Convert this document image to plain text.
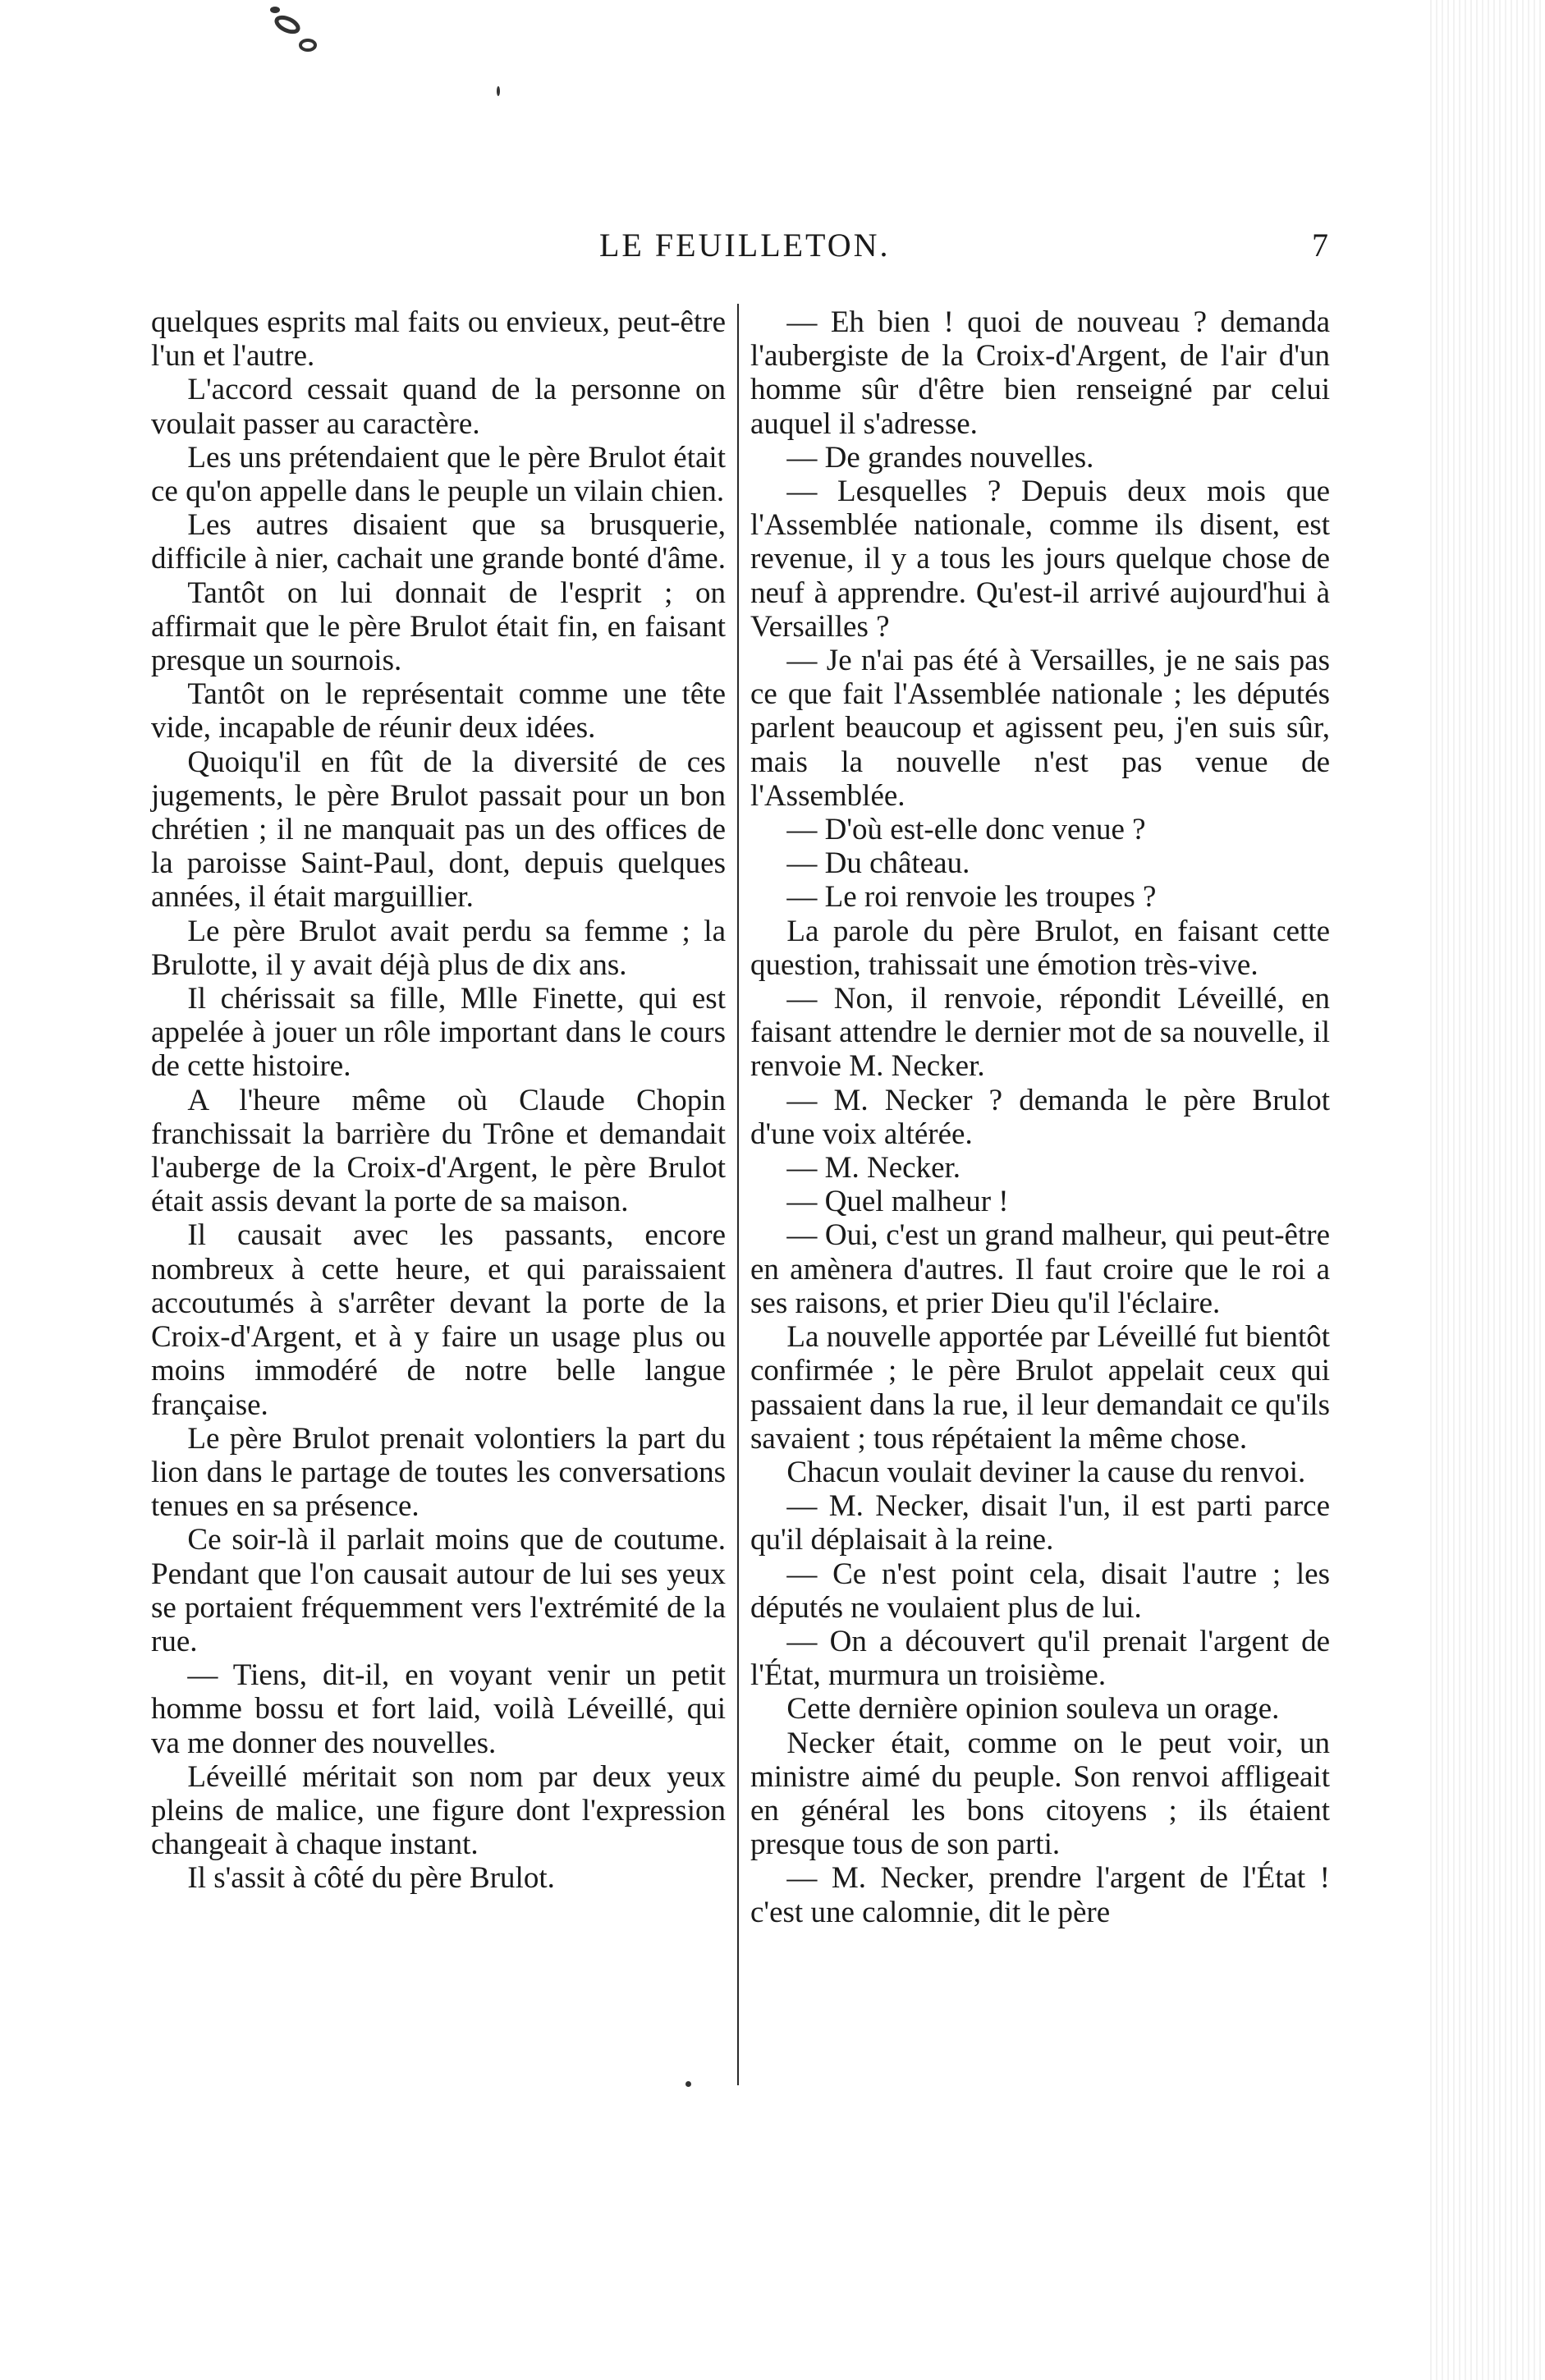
LE FEUILLETON.	7

quelques esprits mal faits ou envieux, peut-être l'un et l'autre.

L'accord cessait quand de la personne on voulait passer au caractère.

Les uns prétendaient que le père Brulot était ce qu'on appelle dans le peuple un vilain chien.

Les autres disaient que sa brusquerie, difficile à nier, cachait une grande bonté d'âme.

Tantôt on lui donnait de l'esprit ; on affirmait que le père Brulot était fin, en faisant presque un sournois.

Tantôt on le représentait comme une tête vide, incapable de réunir deux idées.

Quoiqu'il en fût de la diversité de ces jugements, le père Brulot passait pour un bon chrétien ; il ne manquait pas un des offices de la paroisse Saint-Paul, dont, depuis quelques années, il était marguillier.

Le père Brulot avait perdu sa femme ; la Brulotte, il y avait déjà plus de dix ans.

Il chérissait sa fille, Mlle Finette, qui est appelée à jouer un rôle important dans le cours de cette histoire.

A l'heure même où Claude Chopin franchissait la barrière du Trône et demandait l'auberge de la Croix-d'Argent, le père Brulot était assis devant la porte de sa maison.

Il causait avec les passants, encore nombreux à cette heure, et qui paraissaient accoutumés à s'arrêter devant la porte de la Croix-d'Argent, et à y faire un usage plus ou moins immodéré de notre belle langue française.

Le père Brulot prenait volontiers la part du lion dans le partage de toutes les conversations tenues en sa présence.

Ce soir-là il parlait moins que de coutume. Pendant que l'on causait autour de lui ses yeux se portaient fréquemment vers l'extrémité de la rue.

— Tiens, dit-il, en voyant venir un petit homme bossu et fort laid, voilà Léveillé, qui va me donner des nouvelles.

Léveillé méritait son nom par deux yeux pleins de malice, une figure dont l'expression changeait à chaque instant.

Il s'assit à côté du père Brulot.

— Eh bien ! quoi de nouveau ? demanda l'aubergiste de la Croix-d'Argent, de l'air d'un homme sûr d'être bien renseigné par celui auquel il s'adresse.

— De grandes nouvelles.

— Lesquelles ? Depuis deux mois que l'Assemblée nationale, comme ils disent, est revenue, il y a tous les jours quelque chose de neuf à apprendre. Qu'est-il arrivé aujourd'hui à Versailles ?

— Je n'ai pas été à Versailles, je ne sais pas ce que fait l'Assemblée nationale ; les députés parlent beaucoup et agissent peu, j'en suis sûr, mais la nouvelle n'est pas venue de l'Assemblée.

— D'où est-elle donc venue ?

— Du château.

— Le roi renvoie les troupes ?

La parole du père Brulot, en faisant cette question, trahissait une émotion très-vive.

— Non, il renvoie, répondit Léveillé, en faisant attendre le dernier mot de sa nouvelle, il renvoie M. Necker.

— M. Necker ? demanda le père Brulot d'une voix altérée.

— M. Necker.

— Quel malheur !

— Oui, c'est un grand malheur, qui peut-être en amènera d'autres. Il faut croire que le roi a ses raisons, et prier Dieu qu'il l'éclaire.

La nouvelle apportée par Léveillé fut bientôt confirmée ; le père Brulot appelait ceux qui passaient dans la rue, il leur demandait ce qu'ils savaient ; tous répétaient la même chose.

Chacun voulait deviner la cause du renvoi.

— M. Necker, disait l'un, il est parti parce qu'il déplaisait à la reine.

— Ce n'est point cela, disait l'autre ; les députés ne voulaient plus de lui.

— On a découvert qu'il prenait l'argent de l'État, murmura un troisième.

Cette dernière opinion souleva un orage.

Necker était, comme on le peut voir, un ministre aimé du peuple. Son renvoi affligeait en général les bons citoyens ; ils étaient presque tous de son parti.

— M. Necker, prendre l'argent de l'État ! c'est une calomnie, dit le père
